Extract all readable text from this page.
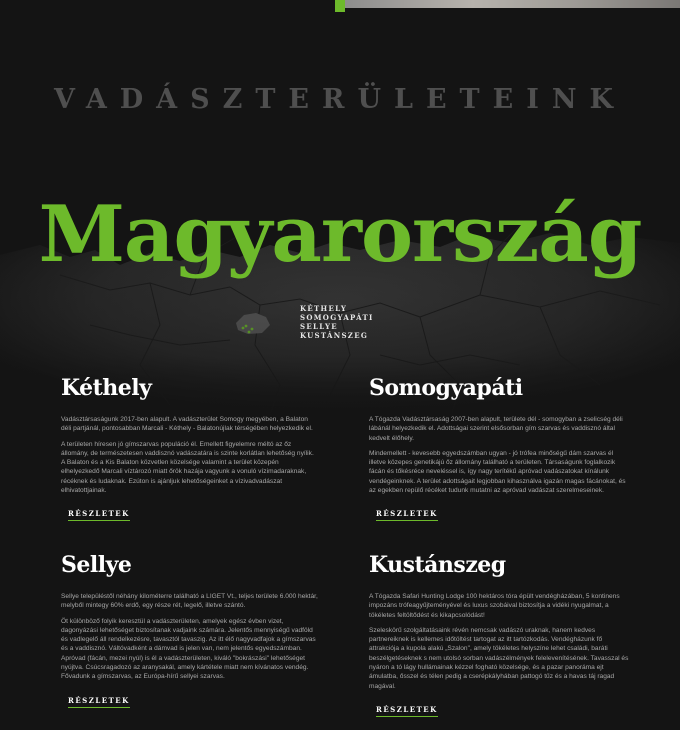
VADÁSZTERÜLETEINK
Magyarország
KÉTHELY
SOMOGYAPÁTI
SELLYE
KUSTÁNSZEG
Kéthely

Vadásztársaságunk 2017-ben alapult. A vadászterület Somogy megyében, a Balaton déli partjánál, pontosabban Marcali - Kéthely - Balatonújlak térségében helyezkedik el.

A területen híresen jó gímszarvas populáció él. Emellett figyelemre méltó az őz állomány, de természetesen vaddisznó vadászatára is szinte korlátlan lehetőség nyílik. A Balaton és a Kis Balaton közvetlen közelsége valamint a terület közepén elhelyezkedő Marcali víztározó miatt őrök hazája vagyunk a vonuló vízimadaraknak, récéknek és ludaknak. Ezúton is ajánljuk lehetőségeinket a vízivadvadászat elhivatottjainak.

RÉSZLETEK
Somogyapáti

A Tógazda Vadásztársaság 2007-ben alapult, területe dél - somogyban a zselicség déli lábánál helyezkedik el. Adottságai szerint elsősorban gím szarvas és vaddisznó által kedvelt élőhely.

Mindemellett - kevesebb egyedszámban ugyan - jó trófea minőségű dám szarvas él illetve közepes genetikájú őz állomány található a területen. Társaságunk foglalkozik fácán és tőkésréce neveléssel is, így nagy terítékű apróvad vadászatokat kínálunk vendégeinknek. A terület adottságait legjobban kihasználva igazán magas fácánokat, és az egekben repülő récéket tudunk mutatni az apróvad vadászat szerelmeseinek.

RÉSZLETEK
Sellye

Sellye településtől néhány kilométerre található a LIGET Vt., teljes területe 6.000 hektár, melyből mintegy 60% erdő, egy része rét, legelő, illetve szántó.

Öt különböző folyik keresztül a vadászterületen, amelyek egész évben vizet, dagonyázási lehetőséget biztosítanak vadjaink számára. Jelentős mennyiségű vadföld és vadlegelő áll rendelkezésre, tavasztól tavaszig. Az itt élő nagyvadfajok a gímszarvas és a vaddisznó. Váltóvadként a dámvad is jelen van, nem jelentős egyedszámban. Apróvad (fácán, mezei nyúl) is él a vadászterületen, kiváló "bokrászási" lehetőséget nyújtva. Csúcsragadozó az aranysakál, amely kártétele miatt nem kívánatos vendég. Fővadunk a gímszarvas, az Európa-hírű sellyei szarvas.

RÉSZLETEK
Kustánszeg

A Tógazda Safari Hunting Lodge 100 hektáros tóra épült vendégházában, 5 kontinens impozáns trófeagyűjteményével és luxus szobáival biztosítja a vidéki nyugalmat, a tökéletes feltöltődést és kikapcsolódást!

Szeleskörű szolgáltatásaink révén nemcsak vadászó uraknak, hanem kedves partnereiknek is kellemes időtöltést tartogat az itt tartózkodás. Vendégházunk fő attrakciója a kupola alakú „Szalon", amely tökéletes helyszíne lehet családi, baráti beszélgetéseknek s nem utolsó sorban vadászélmények felelevenítésének. Tavasszal és nyáron a tó lágy hullámainak kézzel fogható közelsége, és a pazar panoráma ejt ámulatba, ősszel és télen pedig a cserépkályhában pattogó tűz és a havas táj ragad magával.

RÉSZLETEK
